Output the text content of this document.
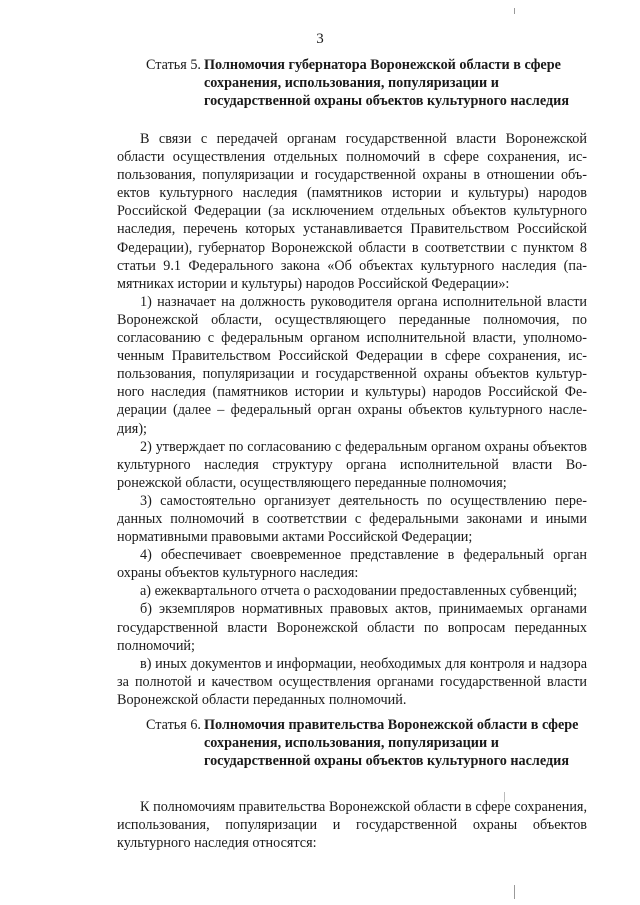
3
Статья 5. Полномочия губернатора Воронежской области в сфере сохранения, использования, популяризации и государственной охраны объектов культурного наследия

В связи с передачей органам государственной власти Воронежской области осуществления отдельных полномочий в сфере сохранения, использования, популяризации и государственной охраны в отношении объектов культурного наследия (памятников истории и культуры) народов Российской Федерации (за исключением отдельных объектов культурного наследия, перечень которых устанавливается Правительством Российской Федерации), губернатор Воронежской области в соответствии с пунктом 8 статьи 9.1 Федерального закона «Об объектах культурного наследия (памятниках истории и культуры) народов Российской Федерации»:

1) назначает на должность руководителя органа исполнительной власти Воронежской области, осуществляющего переданные полномочия, по согласованию с федеральным органом исполнительной власти, уполномоченным Правительством Российской Федерации в сфере сохранения, использования, популяризации и государственной охраны объектов культурного наследия (памятников истории и культуры) народов Российской Федерации (далее – федеральный орган охраны объектов культурного наследия);

2) утверждает по согласованию с федеральным органом охраны объектов культурного наследия структуру органа исполнительной власти Воронежской области, осуществляющего переданные полномочия;

3) самостоятельно организует деятельность по осуществлению переданных полномочий в соответствии с федеральными законами и иными нормативными правовыми актами Российской Федерации;

4) обеспечивает своевременное представление в федеральный орган охраны объектов культурного наследия:

а) ежеквартального отчета о расходовании предоставленных субвенций;

б) экземпляров нормативных правовых актов, принимаемых органами государственной власти Воронежской области по вопросам переданных полномочий;

в) иных документов и информации, необходимых для контроля и надзора за полнотой и качеством осуществления органами государственной власти Воронежской области переданных полномочий.

Статья 6. Полномочия правительства Воронежской области в сфере сохранения, использования, популяризации и государственной охраны объектов культурного наследия

К полномочиям правительства Воронежской области в сфере сохранения, использования, популяризации и государственной охраны объектов культурного наследия относятся:
